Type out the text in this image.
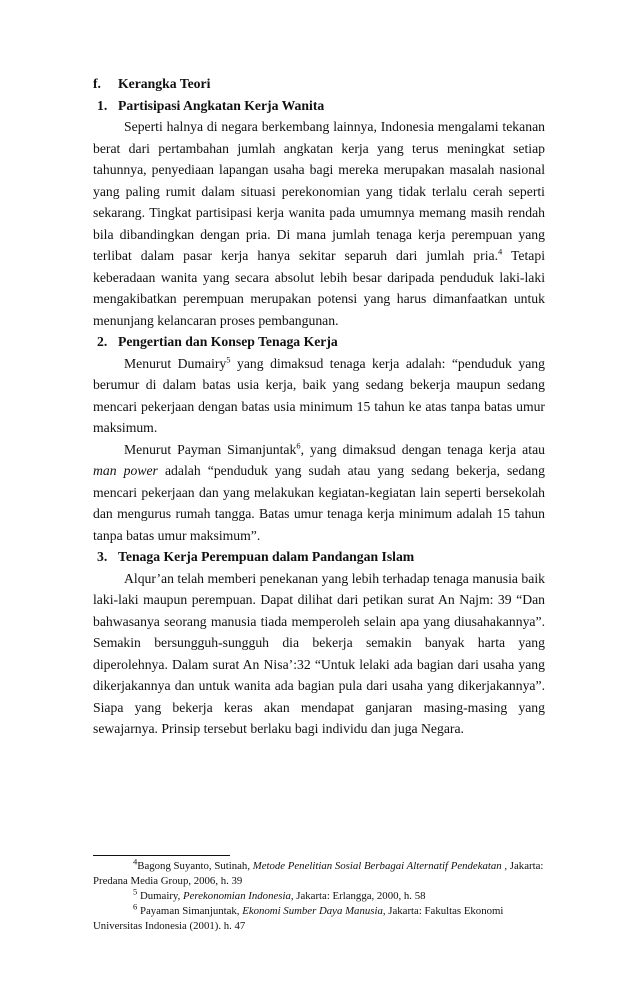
f.	Kerangka Teori
1. Partisipasi Angkatan Kerja Wanita

Seperti halnya di negara berkembang lainnya, Indonesia mengalami tekanan berat dari pertambahan jumlah angkatan kerja yang terus meningkat setiap tahunnya, penyediaan lapangan usaha bagi mereka merupakan masalah nasional yang paling rumit dalam situasi perekonomian yang tidak terlalu cerah seperti sekarang. Tingkat partisipasi kerja wanita pada umumnya memang masih rendah bila dibandingkan dengan pria. Di mana jumlah tenaga kerja perempuan yang terlibat dalam pasar kerja hanya sekitar separuh dari jumlah pria.$^4$ Tetapi keberadaan wanita yang secara absolut lebih besar daripada penduduk laki-laki mengakibatkan perempuan merupakan potensi yang harus dimanfaatkan untuk menunjang kelancaran proses pembangunan.

2. Pengertian dan Konsep Tenaga Kerja

Menurut Dumairy$^5$ yang dimaksud tenaga kerja adalah: “penduduk yang berumur di dalam batas usia kerja, baik yang sedang bekerja maupun sedang mencari pekerjaan dengan batas usia minimum 15 tahun ke atas tanpa batas umur maksimum.

Menurut Payman Simanjuntak$^6$, yang dimaksud dengan tenaga kerja atau man power adalah “penduduk yang sudah atau yang sedang bekerja, sedang mencari pekerjaan dan yang melakukan kegiatan-kegiatan lain seperti bersekolah dan mengurus rumah tangga. Batas umur tenaga kerja minimum adalah 15 tahun tanpa batas umur maksimum”.

3. Tenaga Kerja Perempuan dalam Pandangan Islam

Alqur’an telah memberi penekanan yang lebih terhadap tenaga manusia baik laki-laki maupun perempuan. Dapat dilihat dari petikan surat An Najm: 39 “Dan bahwasanya seorang manusia tiada memperoleh selain apa yang diusahakannya”. Semakin bersungguh-sungguh dia bekerja semakin banyak harta yang diperolehnya. Dalam surat An Nisa’:32 “Untuk lelaki ada bagian dari usaha yang dikerjakannya dan untuk wanita ada bagian pula dari usaha yang dikerjakannya”. Siapa yang bekerja keras akan mendapat ganjaran masing-masing yang sewajarnya. Prinsip tersebut berlaku bagi individu dan juga Negara.

$^4$Bagong Suyanto, Sutinah, Metode Penelitian Sosial Berbagai Alternatif Pendekatan , Jakarta: Predana Media Group, 2006, h. 39

$^5$ Dumairy, Perekonomian Indonesia, Jakarta: Erlangga, 2000, h. 58

$^6$ Payaman Simanjuntak, Ekonomi Sumber Daya Manusia, Jakarta: Fakultas Ekonomi Universitas Indonesia (2001). h. 47
